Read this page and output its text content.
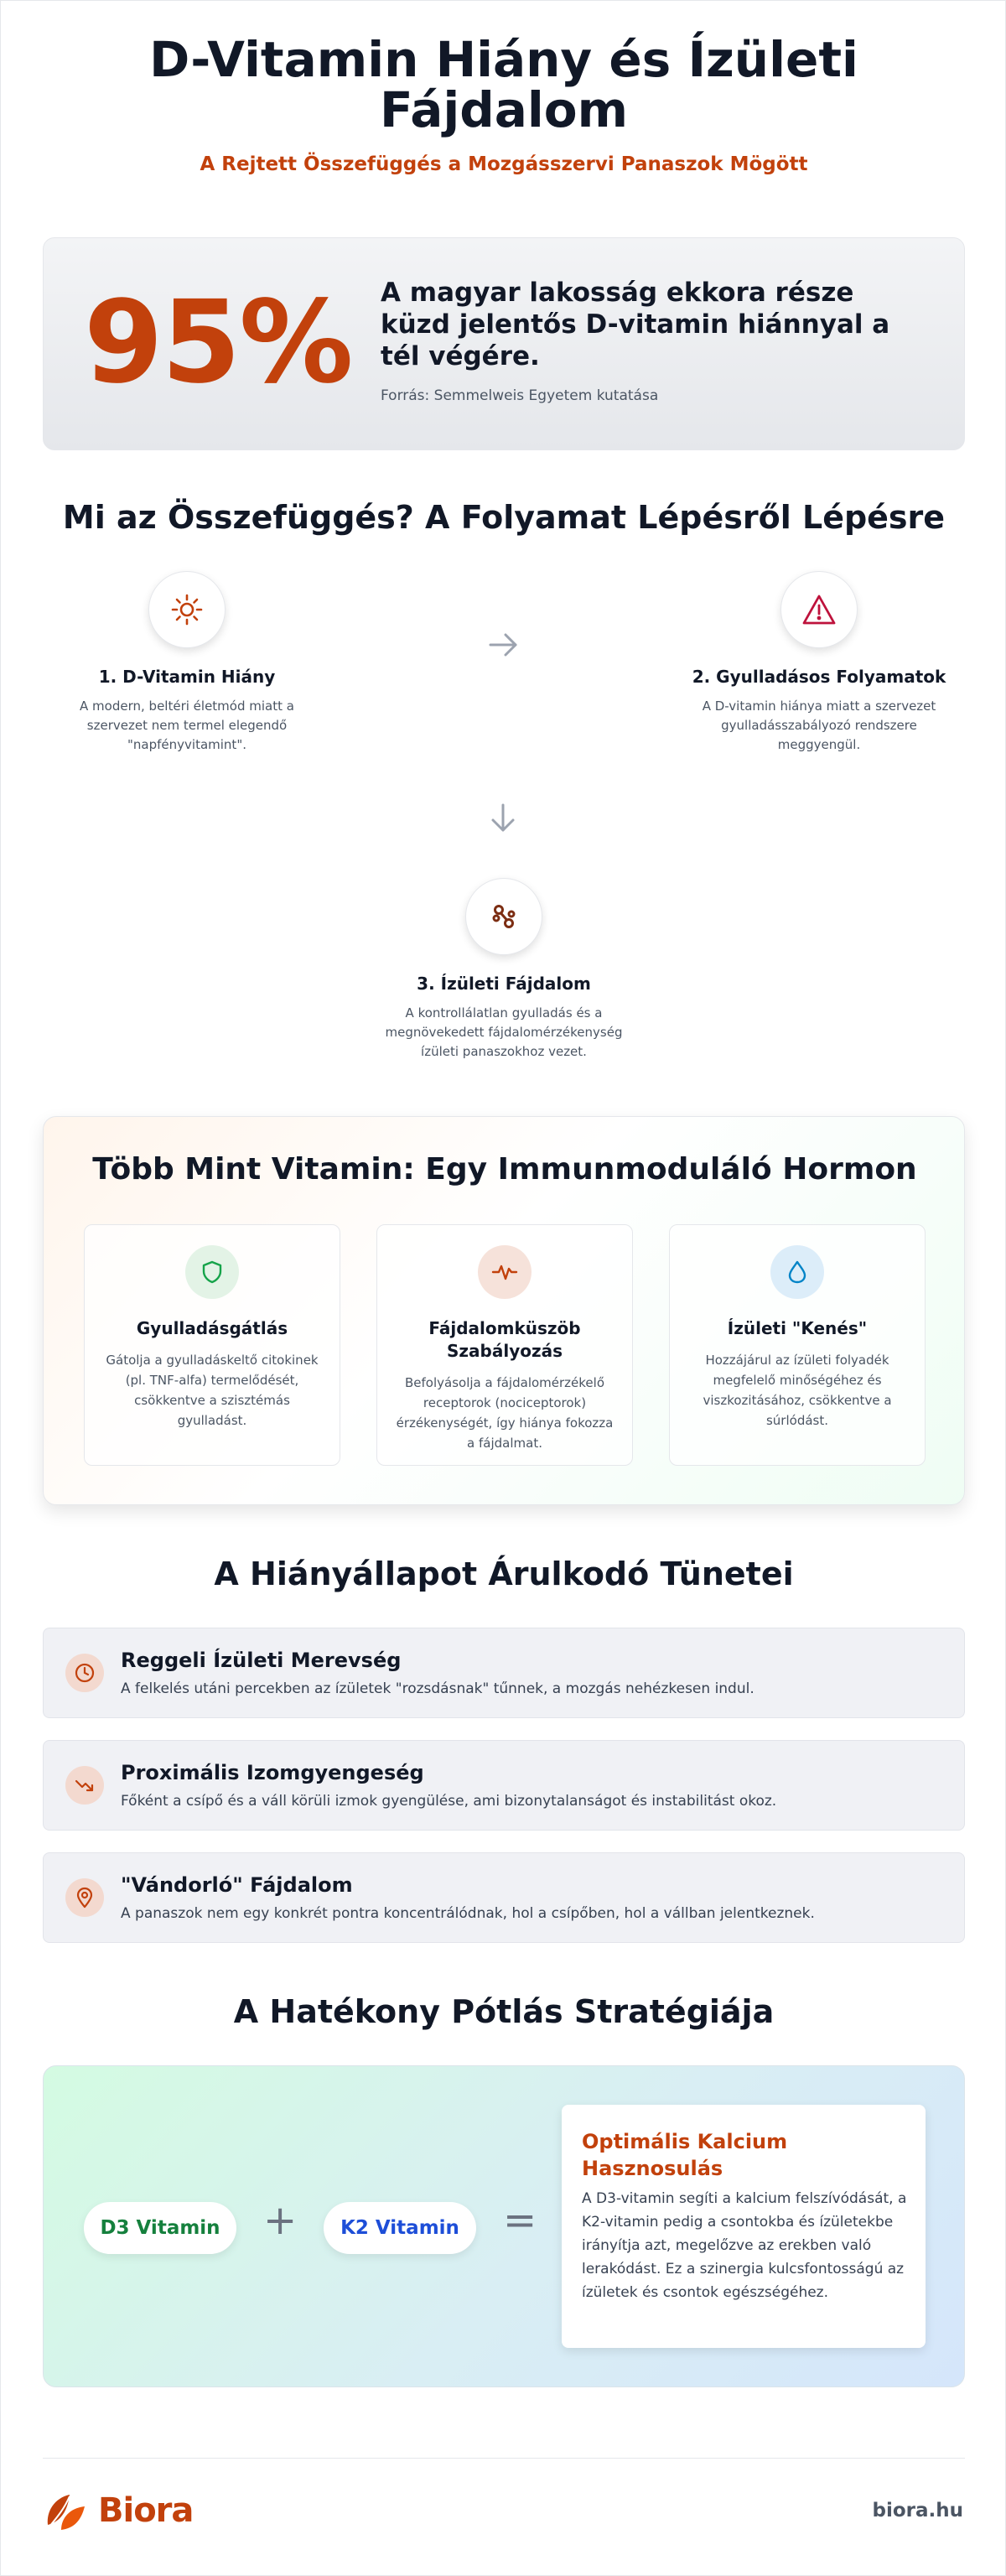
D-Vitamin Hiány és Ízületi Fájdalom
A Rejtett Összefüggés a Mozgásszervi Panaszok Mögött
95% A magyar lakosság ekkora része küzd jelentős D-vitamin hiánnyal a tél végére.
Forrás: Semmelweis Egyetem kutatása
Mi az Összefüggés? A Folyamat Lépésről Lépésre
1. D-Vitamin Hiány
A modern, beltéri életmód miatt a szervezet nem termel elegendő "napfényvitamint".
2. Gyulladásos Folyamatok
A D-vitamin hiánya miatt a szervezet gyulladásszabályozó rendszere meggyengül.
3. Ízületi Fájdalom
A kontrollálatlan gyulladás és a megnövekedett fájdalomérzékenység ízületi panaszokhoz vezet.
Több Mint Vitamin: Egy Immunmoduláló Hormon
Gyulladásgátlás
Gátolja a gyulladáskeltő citokinek (pl. TNF-alfa) termelődését, csökkentve a szisztémás gyulladást.
Fájdalomküszöb Szabályozás
Befolyásolja a fájdalomérzékelő receptorok (nociceptorok) érzékenységét, így hiánya fokozza a fájdalmat.
Ízületi "Kenés"
Hozzájárul az ízületi folyadék megfelelő minőségéhez és viszkozitásához, csökkentve a súrlódást.
A Hiányállapot Árulkodó Tünetei
Reggeli Ízületi Merevség
A felkelés utáni percekben az ízületek "rozsdásnak" tűnnek, a mozgás nehézkesen indul.
Proximális Izomgyengeség
Főként a csípő és a váll körüli izmok gyengülése, ami bizonytalanságot és instabilitást okoz.
"Vándorló" Fájdalom
A panaszok nem egy konkrét pontra koncentrálódnak, hol a csípőben, hol a vállban jelentkeznek.
A Hatékony Pótlás Stratégiája
D3 Vitamin	+	K2 Vitamin	=
Optimális Kalcium Hasznosulás
A D3-vitamin segíti a kalcium felszívódását, a K2-vitamin pedig a csontokba és ízületekbe irányítja azt, megelőzve az erekben való lerakódást. Ez a szinergia kulcsfontosságú az ízületek és csontok egészségéhez.
Biora	biora.hu
